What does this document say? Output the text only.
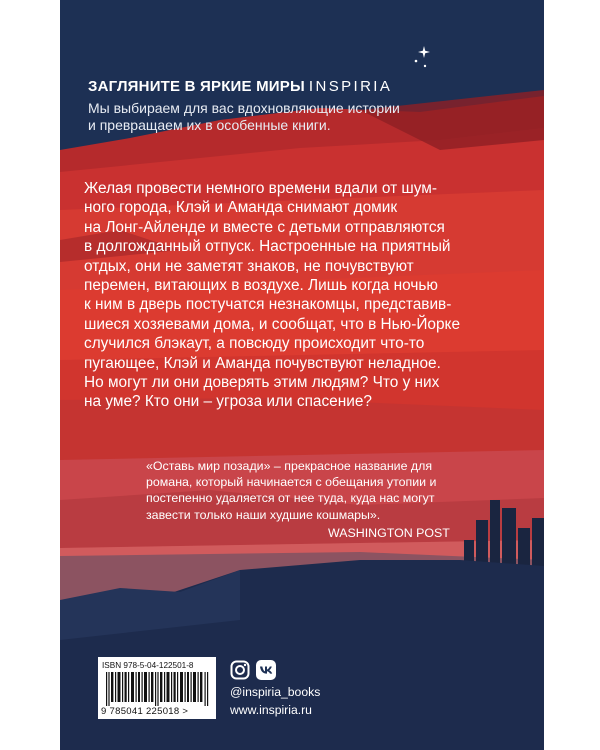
ЗАГЛЯНИТЕ В ЯРКИЕ МИРЫ INSPIRIA
Мы выбираем для вас вдохновляющие истории
и превращаем их в особенные книги.

Желая провести немного времени вдали от шум-
ного города, Клэй и Аманда снимают домик
на Лонг-Айленде и вместе с детьми отправляются
в долгожданный отпуск. Настроенные на приятный
отдых, они не заметят знаков, не почувствуют
перемен, витающих в воздухе. Лишь когда ночью
к ним в дверь постучатся незнакомцы, представив-
шиеся хозяевами дома, и сообщат, что в Нью-Йорке
случился блэкаут, а повсюду происходит что-то
пугающее, Клэй и Аманда почувствуют неладное.
Но могут ли они доверять этим людям? Что у них
на уме? Кто они – угроза или спасение?

«Оставь мир позади» – прекрасное название для
романа, который начинается с обещания утопии и
постепенно удаляется от нее туда, куда нас могут
завести только наши худшие кошмары».
WASHINGTON POST
ISBN 978-5-04-122501-8
9 785041 225018 >
@inspiria_books
www.inspiria.ru
